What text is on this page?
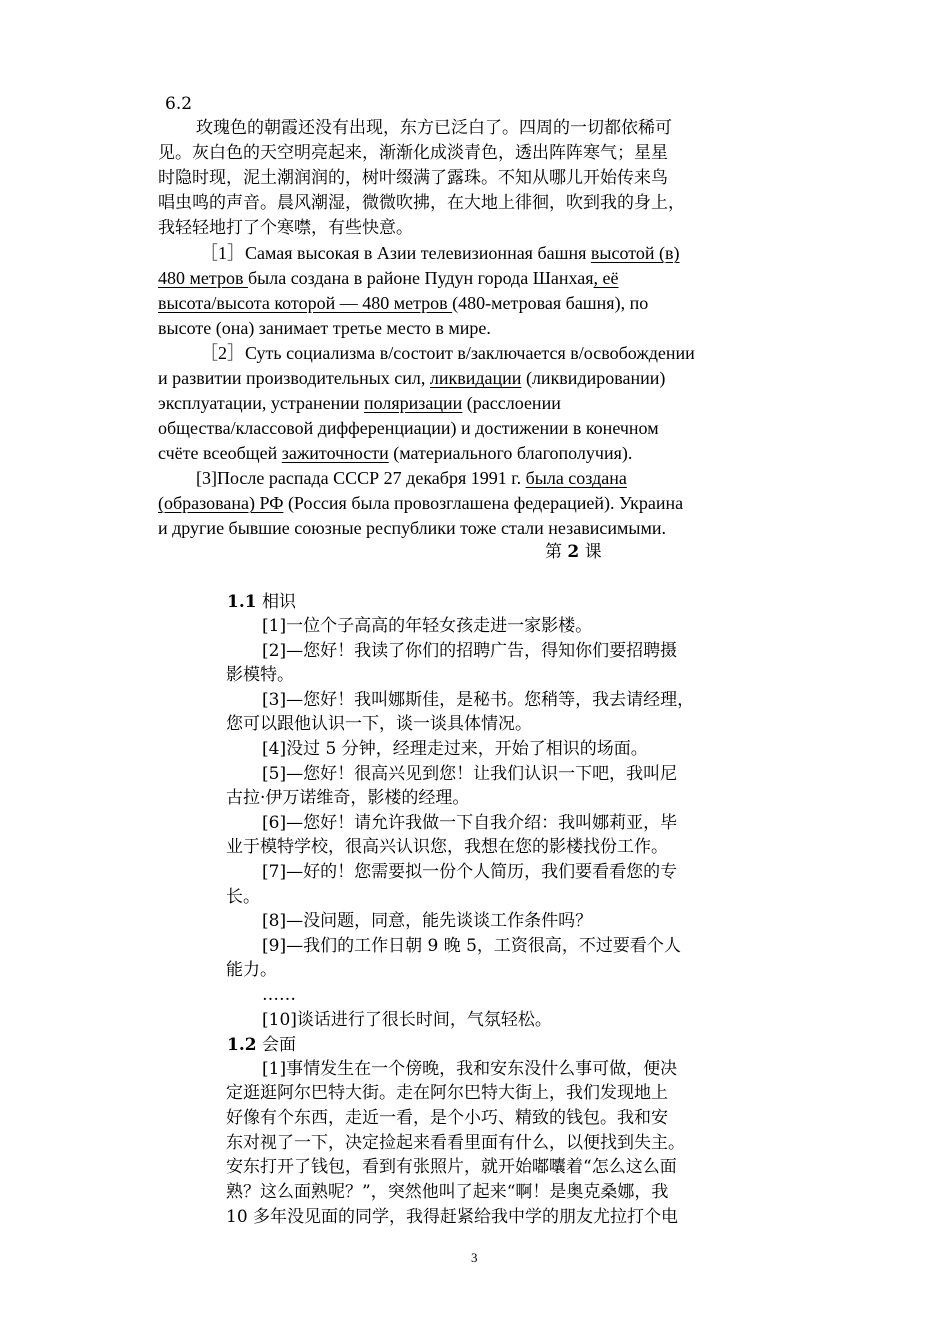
6.2
玫瑰色的朝霞还没有出现，东方已泛白了。四周的一切都依稀可
见。灰白色的天空明亮起来，渐渐化成淡青色，透出阵阵寒气；星星
时隐时现，泥土潮润润的，树叶缀满了露珠。不知从哪儿开始传来鸟
唱虫鸣的声音。晨风潮湿，微微吹拂，在大地上徘徊，吹到我的身上，
我轻轻地打了个寒噤，有些快意。
［1］Самая высокая в Азии телевизионная башня высотой (в)
480 метров была создана в районе Пудун города Шанхая, её
высота/высота которой — 480 метров (480-метровая башня), по
высоте (она) занимает третье место в мире.
［2］Суть социализма в/состоит в/заключается в/освобождении
и развитии производительных сил, ликвидации (ликвидировании)
эксплуатации, устранении поляризации (расслоении
общества/классовой дифференциации) и достижении в конечном
счёте всеобщей зажиточности (материального благополучия).
[3]После распада СССР 27 декабря 1991 г. была создана
(образована) РФ (Россия была провозглашена федерацией). Украина
и другие бывшие союзные республики тоже стали независимыми.
第 2 课
1.1 相识
[1]一位个子高高的年轻女孩走进一家影楼。
[2]—您好！我读了你们的招聘广告，得知你们要招聘摄
影模特。
[3]—您好！我叫娜斯佳，是秘书。您稍等，我去请经理，
您可以跟他认识一下，谈一谈具体情况。
[4]没过 5 分钟，经理走过来，开始了相识的场面。
[5]—您好！很高兴见到您！让我们认识一下吧，我叫尼
古拉·伊万诺维奇，影楼的经理。
[6]—您好！请允许我做一下自我介绍：我叫娜莉亚，毕
业于模特学校，很高兴认识您，我想在您的影楼找份工作。
[7]—好的！您需要拟一份个人简历，我们要看看您的专
长。
[8]—没问题，同意，能先谈谈工作条件吗？
[9]—我们的工作日朝 9 晚 5，工资很高，不过要看个人
能力。
……
[10]谈话进行了很长时间，气氛轻松。
1.2 会面
[1]事情发生在一个傍晚，我和安东没什么事可做，便决
定逛逛阿尔巴特大街。走在阿尔巴特大街上，我们发现地上
好像有个东西，走近一看，是个小巧、精致的钱包。我和安
东对视了一下，决定捡起来看看里面有什么，以便找到失主。
安东打开了钱包，看到有张照片，就开始嘟囔着“怎么这么面
熟？这么面熟呢？”，突然他叫了起来“啊！是奥克桑娜，我
10 多年没见面的同学，我得赶紧给我中学的朋友尤拉打个电
3
